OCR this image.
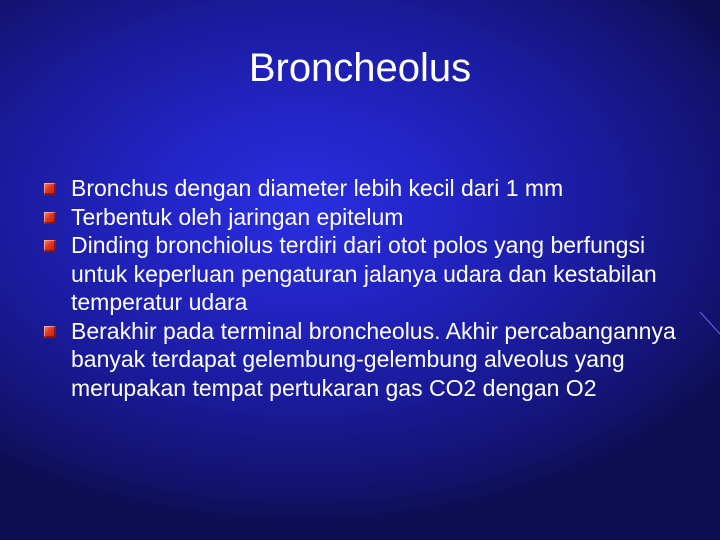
Broncheolus
Bronchus dengan diameter lebih kecil dari 1 mm
Terbentuk oleh jaringan epitelum
Dinding bronchiolus terdiri dari otot polos yang berfungsi untuk keperluan pengaturan jalanya udara dan kestabilan temperatur udara
Berakhir pada terminal broncheolus. Akhir percabangannya banyak terdapat gelembung-gelembung alveolus yang merupakan tempat pertukaran gas CO2 dengan O2
